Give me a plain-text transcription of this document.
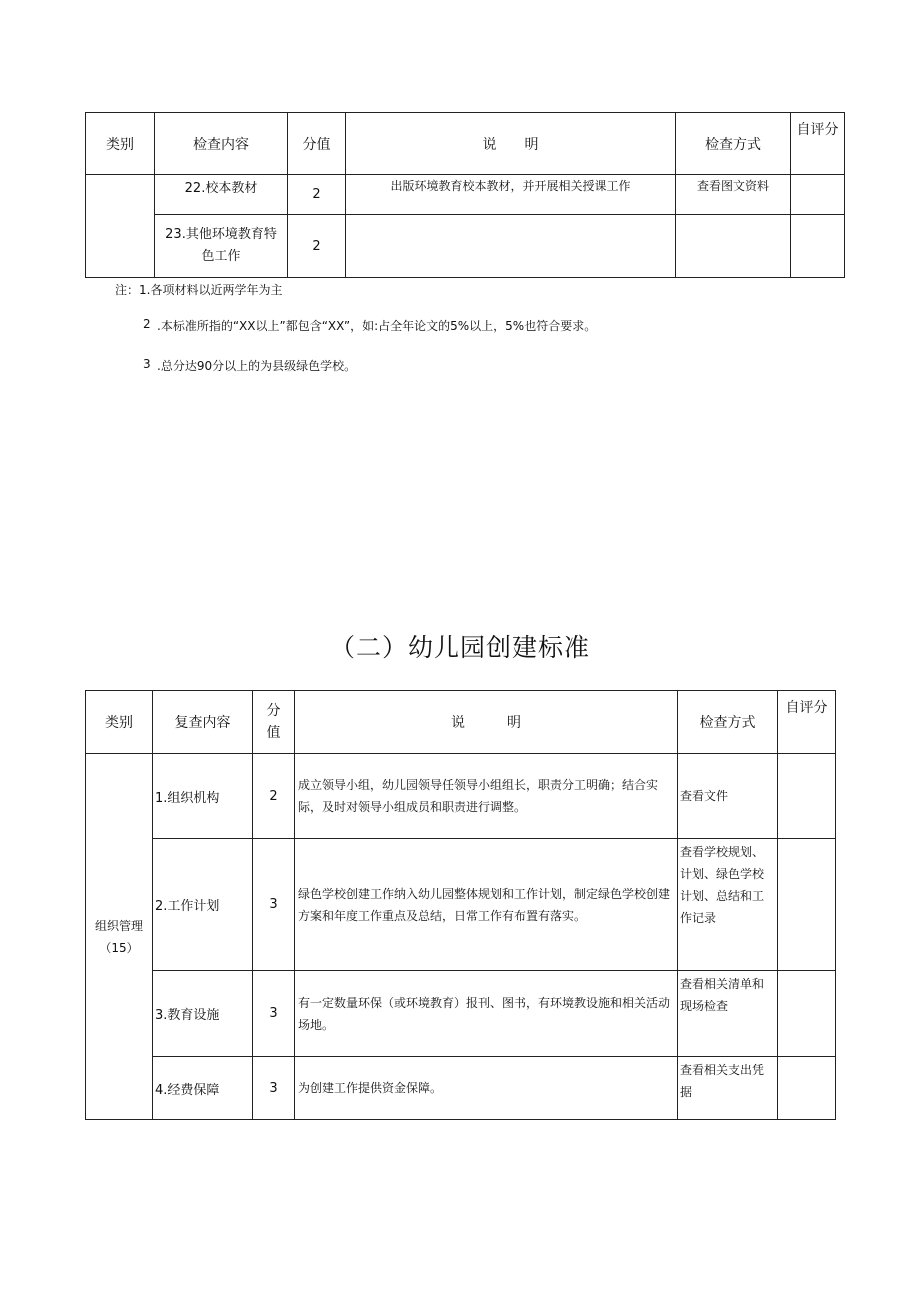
类别	检查内容	分值	说　　明	检查方式	自评分
	22.校本教材	2	出版环境教育校本教材，并开展相关授课工作	查看图文资料	
	23.其他环境教育特色工作	2			
注：1.各项材料以近两学年为主
2 .本标准所指的“XX以上”都包含“XX”，如:占全年论文的5%以上，5%也符合要求。
3 .总分达90分以上的为县级绿色学校。
（二）幼儿园创建标准
类别	复查内容	分值	说　　　明	检查方式	自评分
组织管理（15）	1.组织机构	2	成立领导小组，幼儿园领导任领导小组组长，职责分工明确；结合实际，及时对领导小组成员和职责进行调整。	查看文件	
	2.工作计划	3	绿色学校创建工作纳入幼儿园整体规划和工作计划，制定绿色学校创建方案和年度工作重点及总结，日常工作有布置有落实。	查看学校规划、计划、绿色学校计划、总结和工作记录	
	3.教育设施	3	有一定数量环保（或环境教育）报刊、图书，有环境教设施和相关活动场地。	查看相关清单和现场检查	
	4.经费保障	3	为创建工作提供资金保障。	查看相关支出凭据	
